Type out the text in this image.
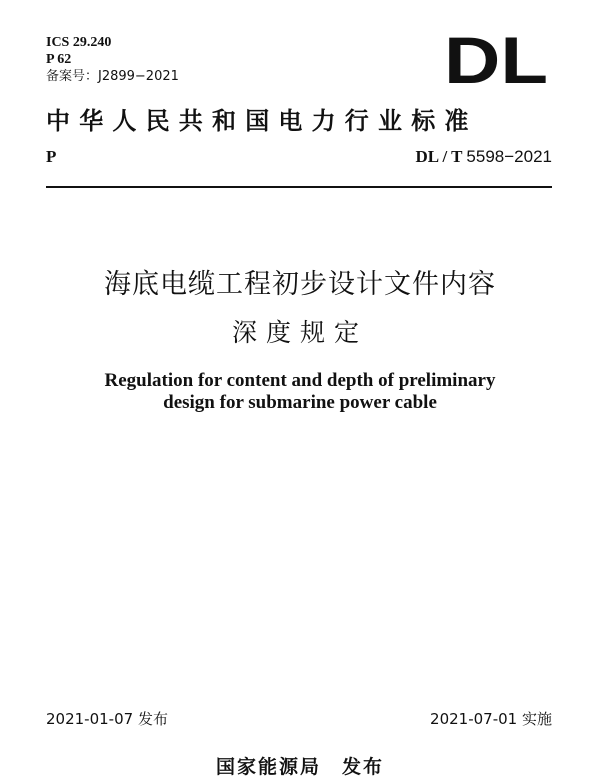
ICS 29.240
P 62
备案号：J2899−2021	DL
中华人民共和国电力行业标准
P	DL / T 5598−2021
海底电缆工程初步设计文件内容
深度规定
Regulation for content and depth of preliminary
design for submarine power cable
2021-01-07 发布	2021-07-01 实施
国家能源局　发布
